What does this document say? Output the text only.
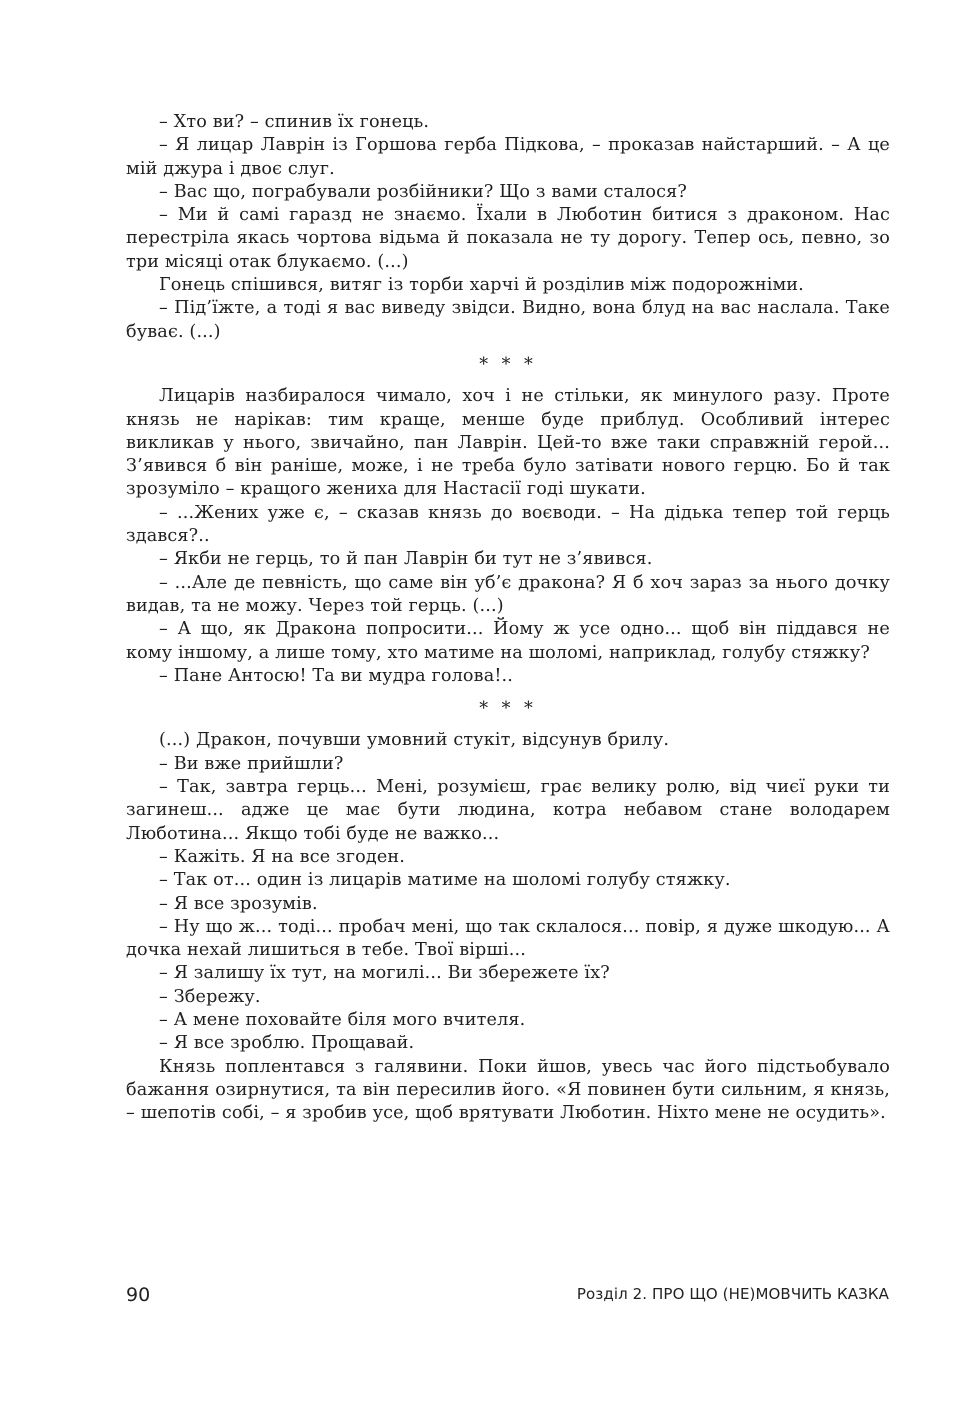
– Хто ви? – спинив їх гонець.

– Я лицар Лаврін із Горшова герба Підкова, – проказав найстарший. – А це мій джура і двоє слуг.

– Вас що, пограбували розбійники? Що з вами сталося?

– Ми й самі гаразд не знаємо. Їхали в Люботин битися з драконом. Нас перестріла якась чортова відьма й показала не ту дорогу. Тепер ось, певно, зо три місяці отак блукаємо. (...)

Гонець спішився, витяг із торби харчі й розділив між подорожніми.

– Під’їжте, а тоді я вас виведу звідси. Видно, вона блуд на вас наслала. Таке буває. (...)

* * *

Лицарів назбиралося чимало, хоч і не стільки, як минулого разу. Проте князь не нарікав: тим краще, менше буде приблуд. Особливий інтерес викликав у нього, звичайно, пан Лаврін. Цей-то вже таки справжній герой... З’явився б він раніше, може, і не треба було затівати нового герцю. Бо й так зрозуміло – кращого жениха для Настасії годі шукати.

– ...Жених уже є, – сказав князь до воєводи. – На дідька тепер той герць здався?..

– Якби не герць, то й пан Лаврін би тут не з’явився.

– ...Але де певність, що саме він уб’є дракона? Я б хоч зараз за нього дочку видав, та не можу. Через той герць. (...)

– А що, як Дракона попросити... Йому ж усе одно... щоб він піддався не кому іншому, а лише тому, хто матиме на шоломі, наприклад, голубу стяжку?

– Пане Антосю! Та ви мудра голова!..

* * *

(...) Дракон, почувши умовний стукіт, відсунув брилу.

– Ви вже прийшли?

– Так, завтра герць... Мені, розумієш, грає велику ролю, від чиєї руки ти загинеш... адже це має бути людина, котра небавом стане володарем Люботина... Якщо тобі буде не важко...

– Кажіть. Я на все згоден.

– Так от... один із лицарів матиме на шоломі голубу стяжку.

– Я все зрозумів.

– Ну що ж... тоді... пробач мені, що так склалося... повір, я дуже шкодую... А дочка нехай лишиться в тебе. Твої вірші...

– Я залишу їх тут, на могилі... Ви збережете їх?

– Збережу.

– А мене поховайте біля мого вчителя.

– Я все зроблю. Прощавай.

Князь поплентався з галявини. Поки йшов, увесь час його підстьобувало бажання озирнутися, та він пересилив його. «Я повинен бути сильним, я князь, – шепотів собі, – я зробив усе, щоб врятувати Люботин. Ніхто мене не осудить».

90	Розділ 2. ПРО ЩО (НЕ)МОВЧИТЬ КАЗКА
